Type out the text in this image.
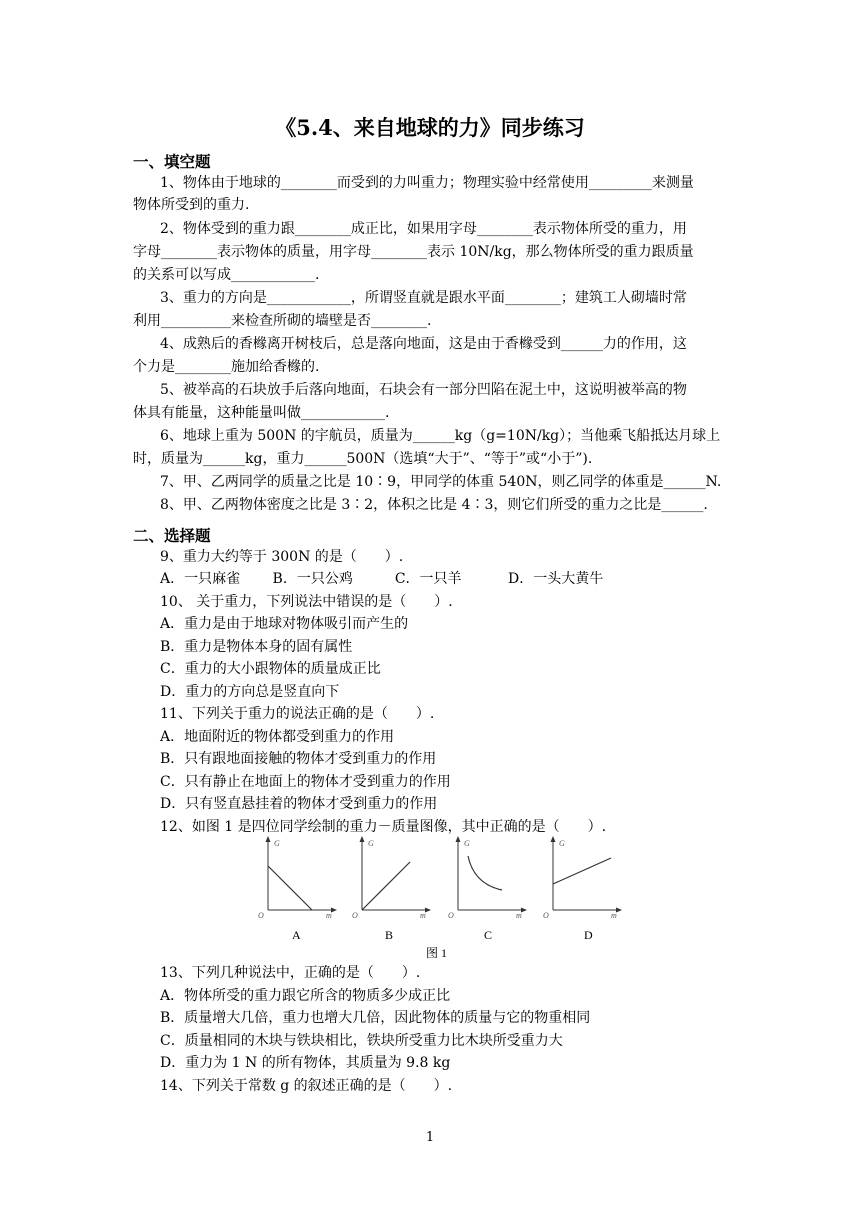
《5.4、来自地球的力》同步练习
一、填空题
1、物体由于地球的________而受到的力叫重力；物理实验中经常使用_________来测量
物体所受到的重力.
2、物体受到的重力跟________成正比，如果用字母________表示物体所受的重力，用
字母________表示物体的质量，用字母________表示 10N/kg，那么物体所受的重力跟质量
的关系可以写成____________.
3、重力的方向是____________，所谓竖直就是跟水平面________；建筑工人砌墙时常
利用__________来检查所砌的墙壁是否________.
4、成熟后的香橼离开树枝后，总是落向地面，这是由于香橼受到______力的作用，这
个力是________施加给香橼的.
5、被举高的石块放手后落向地面，石块会有一部分凹陷在泥土中，这说明被举高的物
体具有能量，这种能量叫做____________.
6、地球上重为 500N 的宇航员，质量为______kg（g=10N/kg）；当他乘飞船抵达月球上
时，质量为______kg，重力______500N（选填“大于”、“等于”或“小于”).
7、甲、乙两同学的质量之比是 10∶9，甲同学的体重 540N，则乙同学的体重是______N.
8、甲、乙两物体密度之比是 3∶2，体积之比是 4∶3，则它们所受的重力之比是______.
二、选择题
9、重力大约等于 300N 的是（　　）.
A．一只麻雀　　 B．一只公鸡　　　C．一只羊　　　 D．一头大黄牛
10、 关于重力，下列说法中错误的是（　　）.
A．重力是由于地球对物体吸引而产生的
B．重力是物体本身的固有属性
C．重力的大小跟物体的质量成正比
D．重力的方向总是竖直向下
11、下列关于重力的说法正确的是（　　）.
A．地面附近的物体都受到重力的作用
B．只有跟地面接触的物体才受到重力的作用
C．只有静止在地面上的物体才受到重力的作用
D．只有竖直悬挂着的物体才受到重力的作用
12、如图 1 是四位同学绘制的重力－质量图像，其中正确的是（　　）.
G
m
O
G
m
O
G
m
O
G
m
O
A	B	C	D
图 1
13、下列几种说法中，正确的是（　　）.
A．物体所受的重力跟它所含的物质多少成正比
B．质量增大几倍，重力也增大几倍，因此物体的质量与它的物重相同
C．质量相同的木块与铁块相比，铁块所受重力比木块所受重力大
D．重力为 1 N 的所有物体，其质量为 9.8 kg
14、下列关于常数 g 的叙述正确的是（　　）.
1
